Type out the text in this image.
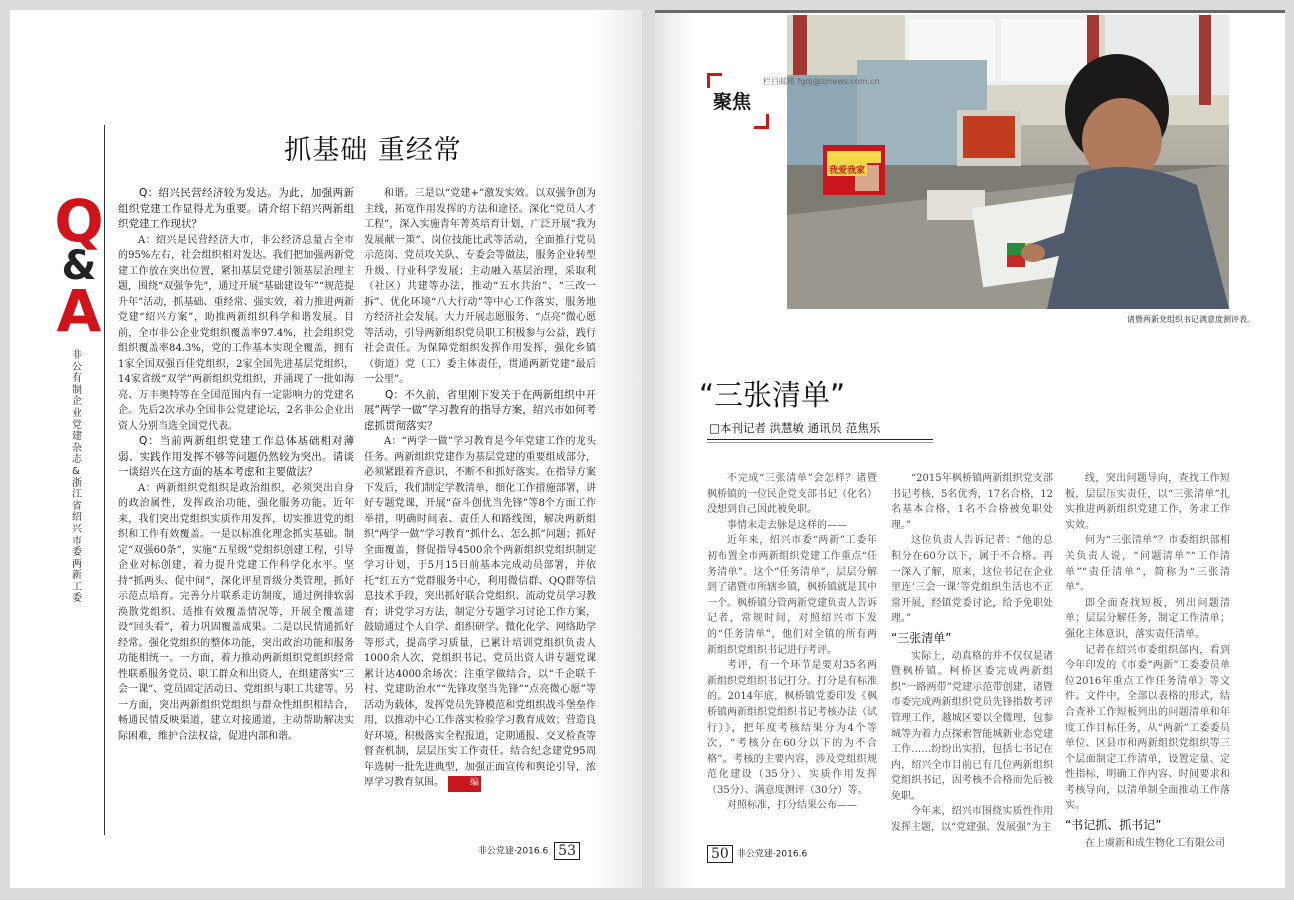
Q
&
A
非公有制企业党建杂志 & 浙江省绍兴市委两新工委
抓基础 重经常

Q：绍兴民营经济较为发达。为此，加强两新组织党建工作显得尤为重要。请介绍下绍兴两新组织党建工作现状？

A：绍兴是民营经济大市，非公经济总量占全市的95%左右，社会组织相对发达。我们把加强两新党建工作放在突出位置，紧扣基层党建引领基层治理主题，围绕“双强争先”，通过开展“基础建设年”“规范提升年”活动，抓基础、重经常、强实效，着力推进两新党建“绍兴方案”，助推两新组织科学和谐发展。目前，全市非公企业党组织覆盖率97.4%，社会组织党组织覆盖率84.3%，党的工作基本实现全覆盖，拥有1家全国双强百佳党组织，2家全国先进基层党组织，14家省级“双学”两新组织党组织，并涌现了一批如海亮、万丰奥特等在全国范围内有一定影响力的党建名企。先后2次承办全国非公党建论坛，2名非公企业出资人分别当选全国党代表。

Q：当前两新组织党建工作总体基础相对薄弱、实践作用发挥不够等问题仍然较为突出。请谈一谈绍兴在这方面的基本考虑和主要做法？

A：两新组织党组织是政治组织，必须突出自身的政治属性，发挥政治功能，强化服务功能。近年来，我们突出党组织实质作用发挥，切实推进党的组织和工作有效覆盖。一是以标准化理念抓实基础。制定“双强60条”，实施“五星级”党组织创建工程，引导企业对标创建，着力提升党建工作科学化水平。坚持“抓两头、促中间”，深化评星晋级分类管理，抓好示范点培育。完善分片联系走访制度，通过例排软弱涣散党组织、适推有效覆盖情况等，开展全覆盖建设“回头看”，着力巩固覆盖成果。二是以民情通抓好经常。强化党组织的整体功能，突出政治功能和服务功能相统一。一方面，着力推动两新组织党组织经常性联系服务党员、职工群众和出资人，在组建落实“三会一课”、党员固定活动日、党组织与职工共建等。另一方面，突出两新组织党组织与群众性组织相结合，畅通民情反映渠道，建立对接通道，主动帮助解决实际困难，维护合法权益，促进内部和谐。

和谐。三是以“党建+”激发实效。以双强争创为主线，拓宽作用发挥的方法和途径。深化“党员人才工程”，深入实施青年菁英培育计划，广泛开展“我为发展献一策”、岗位技能比武等活动，全面推行党员示范岗、党员攻关队、专委会等做法，服务企业转型升级、行业科学发展；主动融入基层治理，采取利（社区）共建等办法，推动“五水共治”、“三改一拆”、优化环境“八大行动”等中心工作落实，服务地方经济社会发展。大力开展志愿服务、“点亮”微心愿等活动，引导两新组织党员职工积极参与公益，践行社会责任。为保障党组织发挥作用发挥，强化乡镇（街道）党（工）委主体责任，贯通两新党建“最后一公里”。

Q：不久前，省里刚下发关于在两新组织中开展“两学一做”学习教育的指导方案，绍兴市如何考虑抓贯彻落实？

A：“两学一做”学习教育是今年党建工作的龙头任务。两新组织党建作为基层党建的重要组成部分，必须紧跟着齐意识，不断不和抓好落实。在指导方案下发后，我们制定学教清单，细化工作措施部署，讲好专题党课，开展“奋斗创优当先锋”等8个方面工作举措，明确时间表、责任人和路线图，解决两新组织“两学一做”学习教育“抓什么、怎么抓”问题；抓好全面覆盖，督促指导4500余个两新组织党组织制定学习计划，于5月15日前基本完成动员部署，并依托“红五方”党群服务中心，利用微信群、QQ群等信息技术手段，突出抓好联合党组织、流动党员学习教育；讲党学习方法，制定分专题学习讨论工作方案，鼓励通过个人自学、组织研学、微化化学、网络助学等形式，提高学习质量，已累计培训党组织负责人1000余人次，党组织书记、党员出资人讲专题党课累计达4000余场次；注重学做结合，以“千企联千村、党建助治水”“先锋攻坚当先锋”“点亮微心愿”等活动为载体，发挥党员先锋模范和党组织战斗堡垒作用，以推动中心工作落实检验学习教育成效；营造良好环境，积极落实全程报道，定期通报、交叉检查等督查机制，层层压实工作责任。结合纪念建党95周年选树一批先进典型，加强正面宣传和舆论引导，浓厚学习教育氛围。	编

非公党建·2016.6 53
我爱我家
诸暨两新党组织书记满意度测评表。
聚焦
栏目邮箱 fgdj@zjnews.com.cn
“三张清单”
□本刊记者 洪慧敏 通讯员 范焦乐

不完成“三张清单”会怎样？诸暨枫桥镇的一位民企党支部书记（化名）没想到自己因此被免职。

事情末走去脉是这样的——

近年来，绍兴市委“两新”工委年初布置全市两新组织党建工作重点“任务清单”。这个“任务清单”，层层分解到了诸暨市所辖乡镇，枫桥镇就是其中一个。枫桥镇分管两新党建负责人告诉记者，常规时间，对照绍兴市下发的“任务清单”，他们对全镇的所有两新组织党组织书记进行考评。

考评，有一个环节是要对35名两新组织党组织书记打分。打分是有标准的。2014年底，枫桥镇党委印发《枫桥镇两新组织党组织书记考核办法（试行）》，把年度考核结果分为4个等次，“考核分在60分以下的为不合格”。考核的主要内容，涉及党组织规范化建设（35分）、实质作用发挥（35分）、满意度测评（30分）等。

对照标准，打分结果公布——

“2015年枫桥镇两新组织党支部书记考核，5名优秀，17名合格，12名基本合格，1名不合格被免职处理。”

这位负责人告诉记者：“他的总积分在60分以下，属于不合格。再一深入了解，原来，这位书记在企业里连‘三会一课’等党组织生活也不正常开展，经镇党委讨论，给予免职处理。”

“三张清单”

实际上，动真格的并不仅仅是诸暨枫桥镇。柯桥区委完成两新组织“一路两带”党建示范带创建，诸暨市委完成两新组织党员先锋指数考评管理工作，越城区要以全微理，包参城等为着力点探索智能城新业态党建工作……纷纷出实招，包括七书记在内，绍兴全市目前已有几位两新组织党组织书记，因考核不合格而先后被免职。

今年来，绍兴市围绕实质性作用发挥主题，以“党建强、发展强”为主

线，突出问题导向，查找工作短板，层层压实责任，以“三张清单”扎实推进两新组织党建工作，务求工作实效。

何为“三张清单”？市委组织部相关负责人说，“问题清单”“工作清单”“责任清单”，简称为“三张清单”。

即全面查找短板，列出问题清单；层层分解任务，制定工作清单；强化主体意识，落实责任清单。

记者在绍兴市委组织部内，看到今年印发的《市委“两新”工委委员单位2016年重点工作任务清单》等文件。文件中，全部以表格的形式，结合查补工作短板列出的问题清单和年度工作目标任务，从“两新”工委委员单位、区县市和两新组织党组织等三个层面制定工作清单，设置定量、定性指标，明确工作内容、时间要求和考核导向，以清单制全面推动工作落实。

“书记抓、抓书记”

在上虞新和成生物化工有限公司

50 非公党建·2016.6
